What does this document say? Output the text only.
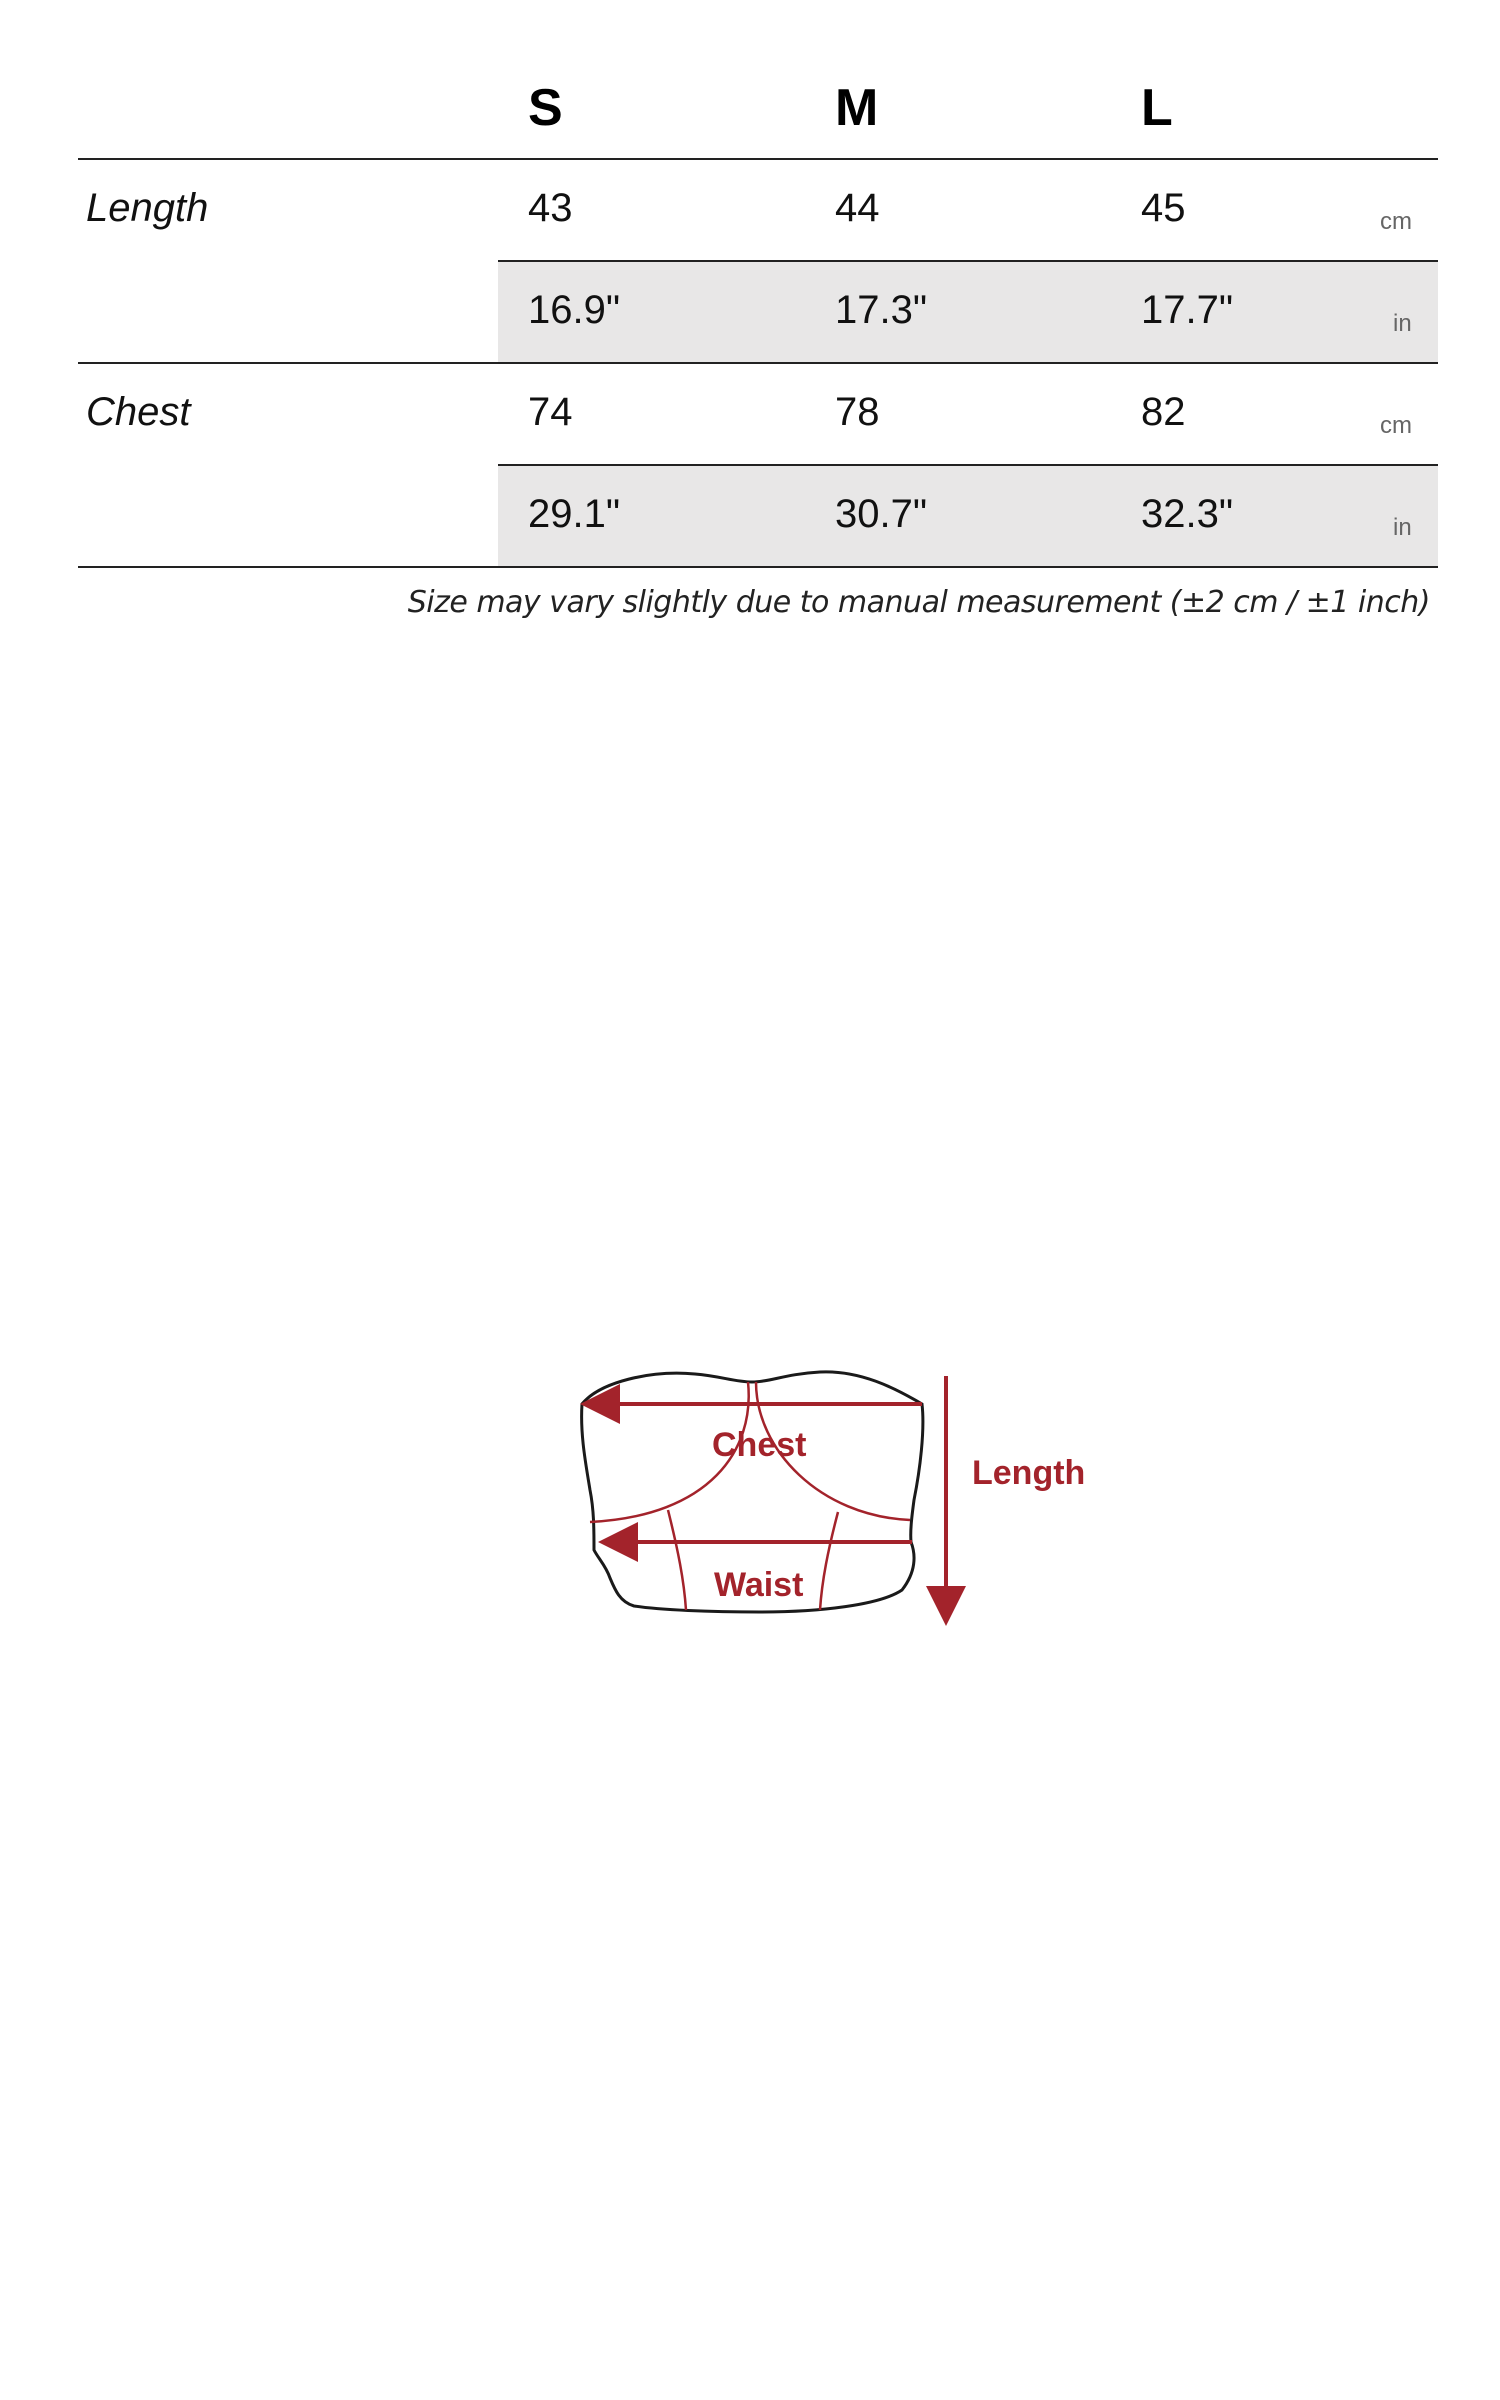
S	M	L
Length	43	44	45	cm
16.9"	17.3"	17.7"	in
Chest	74	78	82	cm
29.1"	30.7"	32.3"	in
Size may vary slightly due to manual measurement (±2 cm / ±1 inch)
Chest
Waist
Length
